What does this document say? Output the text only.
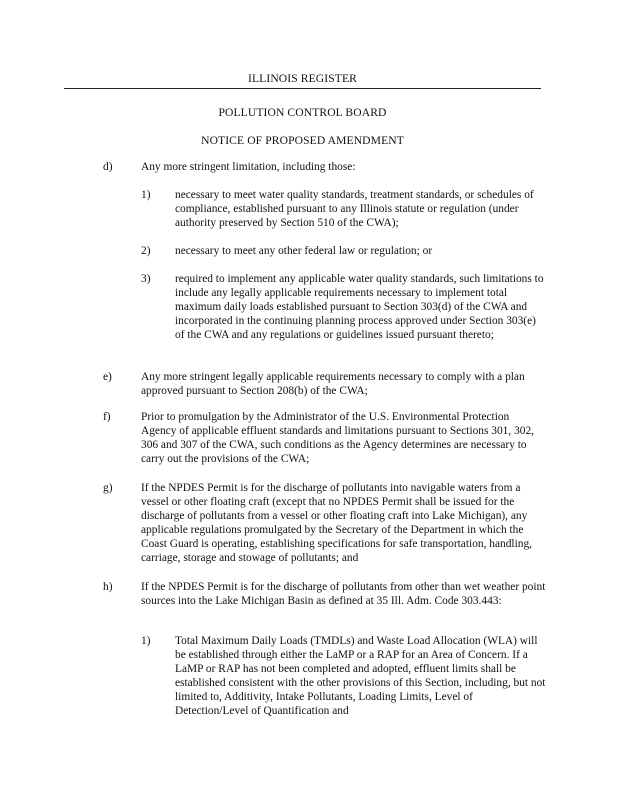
ILLINOIS REGISTER
POLLUTION CONTROL BOARD
NOTICE OF PROPOSED AMENDMENT
d)	Any more stringent limitation, including those:
1) necessary to meet water quality standards, treatment standards, or schedules of compliance, established pursuant to any Illinois statute or regulation (under authority preserved by Section 510 of the CWA);
2) necessary to meet any other federal law or regulation; or
3) required to implement any applicable water quality standards, such limitations to include any legally applicable requirements necessary to implement total maximum daily loads established pursuant to Section 303(d) of the CWA and incorporated in the continuing planning process approved under Section 303(e) of the CWA and any regulations or guidelines issued pursuant thereto;
e)	Any more stringent legally applicable requirements necessary to comply with a plan approved pursuant to Section 208(b) of the CWA;
f)	Prior to promulgation by the Administrator of the U.S. Environmental Protection Agency of applicable effluent standards and limitations pursuant to Sections 301, 302, 306 and 307 of the CWA, such conditions as the Agency determines are necessary to carry out the provisions of the CWA;
g)	If the NPDES Permit is for the discharge of pollutants into navigable waters from a vessel or other floating craft (except that no NPDES Permit shall be issued for the discharge of pollutants from a vessel or other floating craft into Lake Michigan), any applicable regulations promulgated by the Secretary of the Department in which the Coast Guard is operating, establishing specifications for safe transportation, handling, carriage, storage and stowage of pollutants; and
h)	If the NPDES Permit is for the discharge of pollutants from other than wet weather point sources into the Lake Michigan Basin as defined at 35 Ill. Adm. Code 303.443:
1) Total Maximum Daily Loads (TMDLs) and Waste Load Allocation (WLA) will be established through either the LaMP or a RAP for an Area of Concern. If a LaMP or RAP has not been completed and adopted, effluent limits shall be established consistent with the other provisions of this Section, including, but not limited to, Additivity, Intake Pollutants, Loading Limits, Level of Detection/Level of Quantification and
